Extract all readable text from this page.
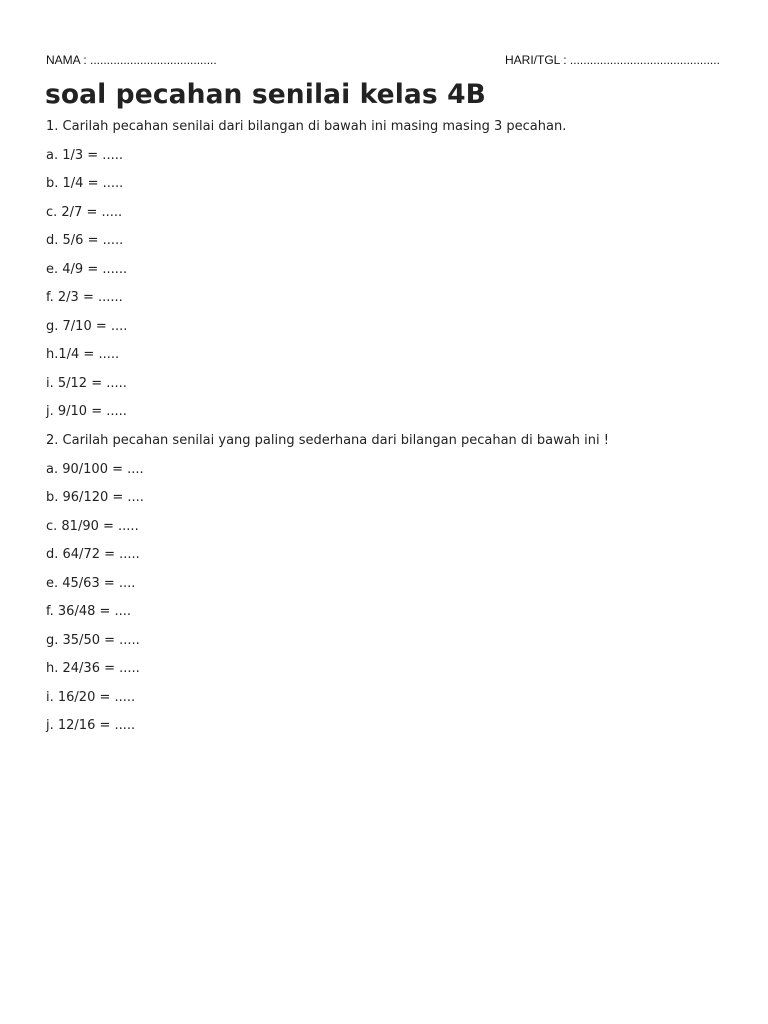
NAMA : ......................................	HARI/TGL : .............................................
soal pecahan senilai kelas 4B
1. Carilah pecahan senilai dari bilangan di bawah ini masing masing 3 pecahan.
a. 1/3 = .....
b. 1/4 = .....
c. 2/7 = .....
d. 5/6 = .....
e. 4/9 = ......
f. 2/3 = ......
g. 7/10 = ....
h.1/4 = .....
i. 5/12 = .....
j. 9/10 = .....
2. Carilah pecahan senilai yang paling sederhana dari bilangan pecahan di bawah ini !
a. 90/100 = ....
b. 96/120 = ....
c. 81/90 = .....
d. 64/72 = .....
e. 45/63 = ....
f. 36/48 = ....
g. 35/50 = .....
h. 24/36 = .....
i. 16/20 = .....
j. 12/16 = .....
